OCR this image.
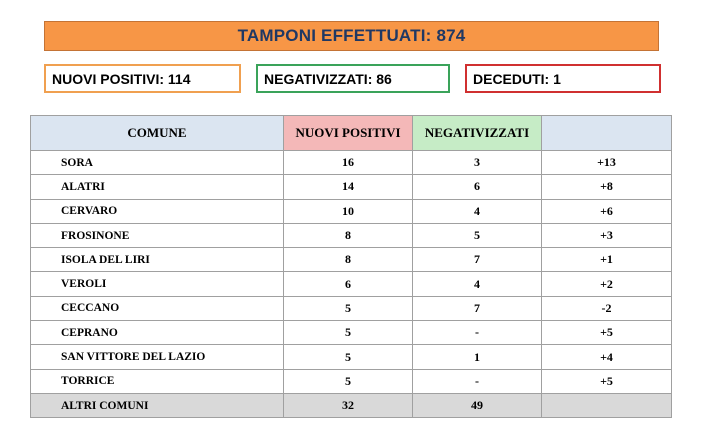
TAMPONI EFFETTUATI: 874
NUOVI POSITIVI: 114	NEGATIVIZZATI: 86	DECEDUTI: 1
COMUNE	NUOVI POSITIVI	NEGATIVIZZATI	
SORA	16	3	+13
ALATRI	14	6	+8
CERVARO	10	4	+6
FROSINONE	8	5	+3
ISOLA DEL LIRI	8	7	+1
VEROLI	6	4	+2
CECCANO	5	7	-2
CEPRANO	5	-	+5
SAN VITTORE DEL LAZIO	5	1	+4
TORRICE	5	-	+5
ALTRI COMUNI	32	49	
